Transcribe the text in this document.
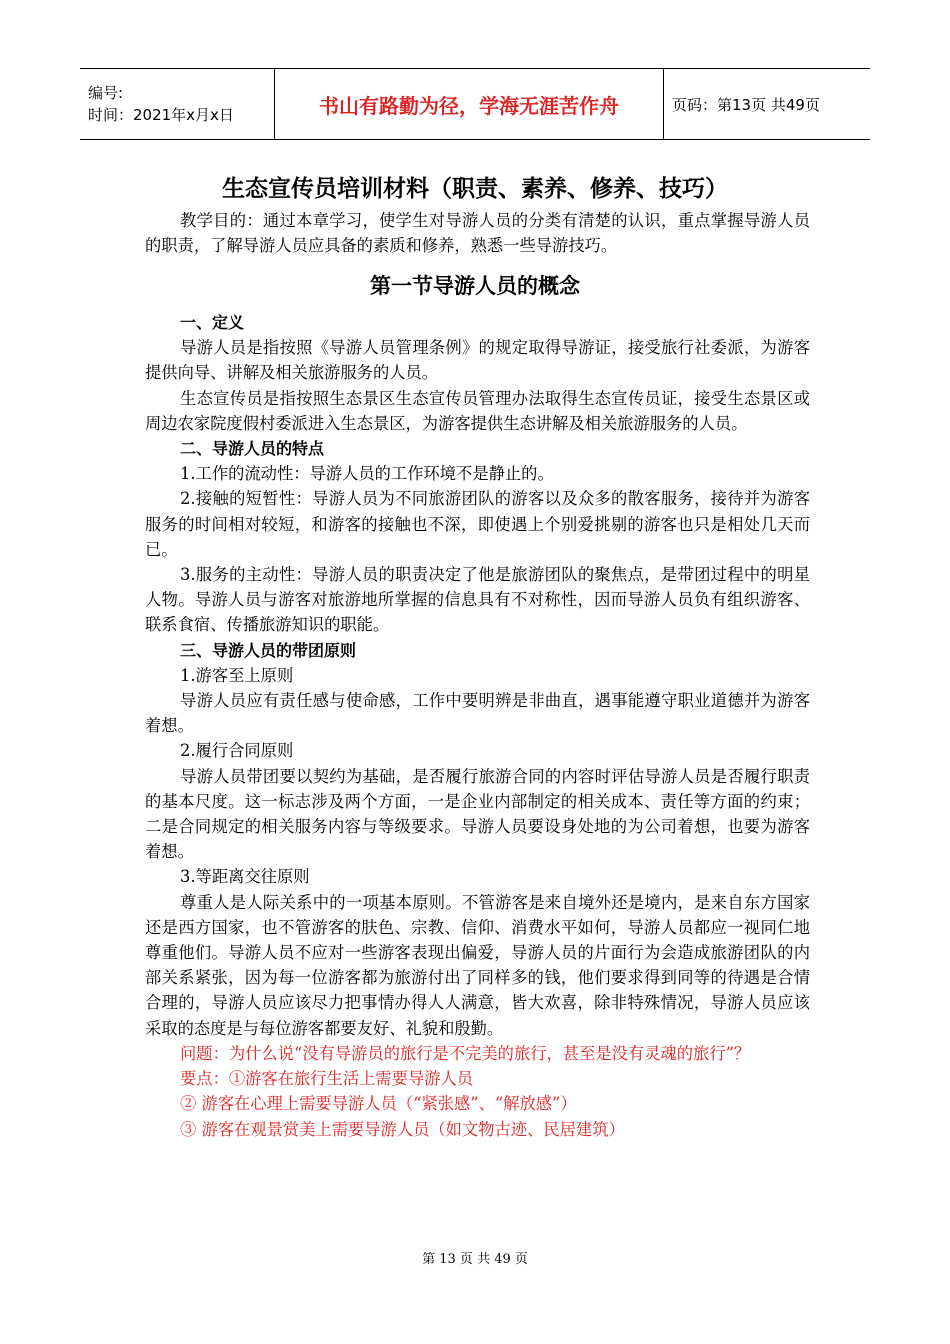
编号:
时间：2021年x月x日	书山有路勤为径，学海无涯苦作舟	页码：第13页 共49页
生态宣传员培训材料（职责、素养、修养、技巧）

教学目的：通过本章学习，使学生对导游人员的分类有清楚的认识，重点掌握导游人员的职责，了解导游人员应具备的素质和修养，熟悉一些导游技巧。

第一节导游人员的概念

一、定义

导游人员是指按照《导游人员管理条例》的规定取得导游证，接受旅行社委派，为游客提供向导、讲解及相关旅游服务的人员。

生态宣传员是指按照生态景区生态宣传员管理办法取得生态宣传员证，接受生态景区或周边农家院度假村委派进入生态景区，为游客提供生态讲解及相关旅游服务的人员。

二、导游人员的特点

1.工作的流动性：导游人员的工作环境不是静止的。

2.接触的短暂性：导游人员为不同旅游团队的游客以及众多的散客服务，接待并为游客服务的时间相对较短，和游客的接触也不深，即使遇上个别爱挑剔的游客也只是相处几天而已。

3.服务的主动性：导游人员的职责决定了他是旅游团队的聚焦点，是带团过程中的明星人物。导游人员与游客对旅游地所掌握的信息具有不对称性，因而导游人员负有组织游客、联系食宿、传播旅游知识的职能。

三、导游人员的带团原则

1.游客至上原则

导游人员应有责任感与使命感，工作中要明辨是非曲直，遇事能遵守职业道德并为游客着想。

2.履行合同原则

导游人员带团要以契约为基础，是否履行旅游合同的内容时评估导游人员是否履行职责的基本尺度。这一标志涉及两个方面，一是企业内部制定的相关成本、责任等方面的约束；二是合同规定的相关服务内容与等级要求。导游人员要设身处地的为公司着想，也要为游客着想。

3.等距离交往原则

尊重人是人际关系中的一项基本原则。不管游客是来自境外还是境内，是来自东方国家还是西方国家，也不管游客的肤色、宗教、信仰、消费水平如何，导游人员都应一视同仁地尊重他们。导游人员不应对一些游客表现出偏爱，导游人员的片面行为会造成旅游团队的内部关系紧张，因为每一位游客都为旅游付出了同样多的钱，他们要求得到同等的待遇是合情合理的，导游人员应该尽力把事情办得人人满意，皆大欢喜，除非特殊情况，导游人员应该采取的态度是与每位游客都要友好、礼貌和殷勤。

问题：为什么说“没有导游员的旅行是不完美的旅行，甚至是没有灵魂的旅行”？

要点：①游客在旅行生活上需要导游人员

② 游客在心理上需要导游人员（“紧张感”、“解放感”）

③ 游客在观景赏美上需要导游人员（如文物古迹、民居建筑）

第 13 页 共 49 页
